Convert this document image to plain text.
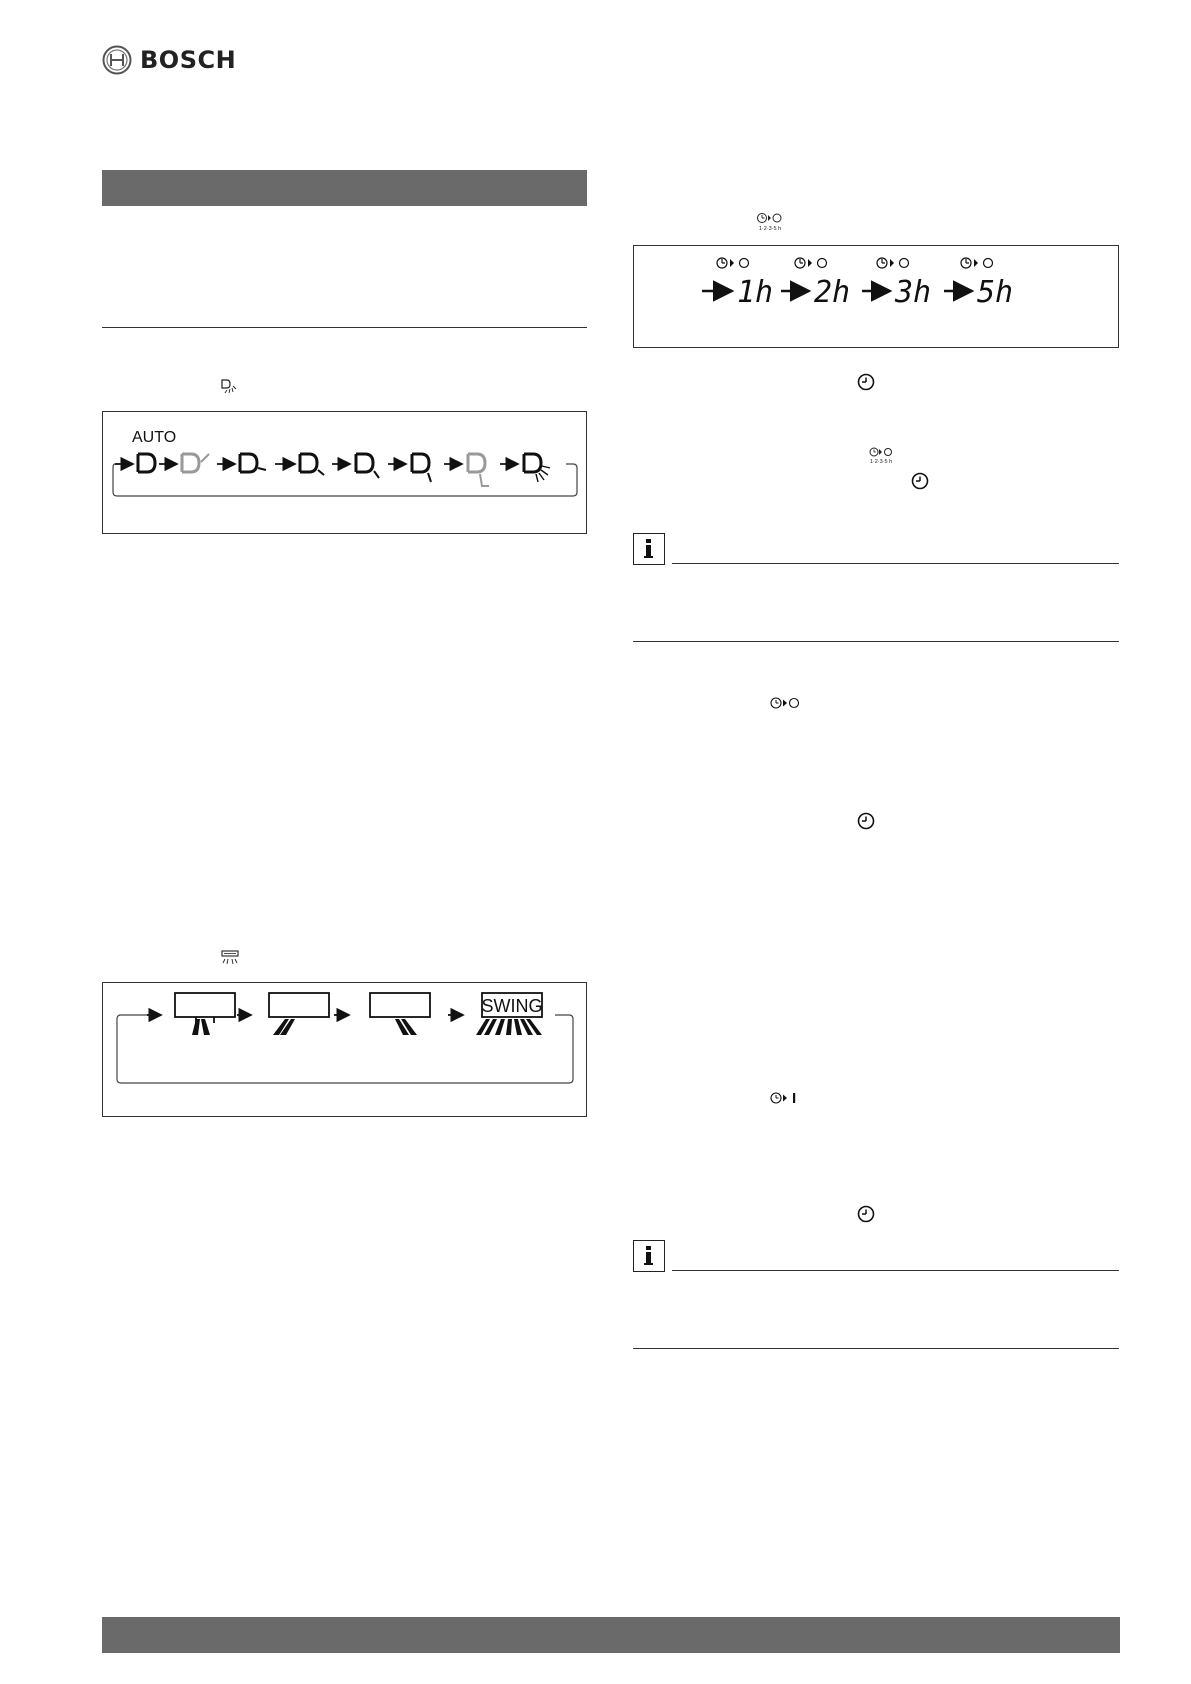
BOSCH
AUTO
SWING
1·2·3·5 h
1h 2h 3h 5h
1·2·3·5 h
